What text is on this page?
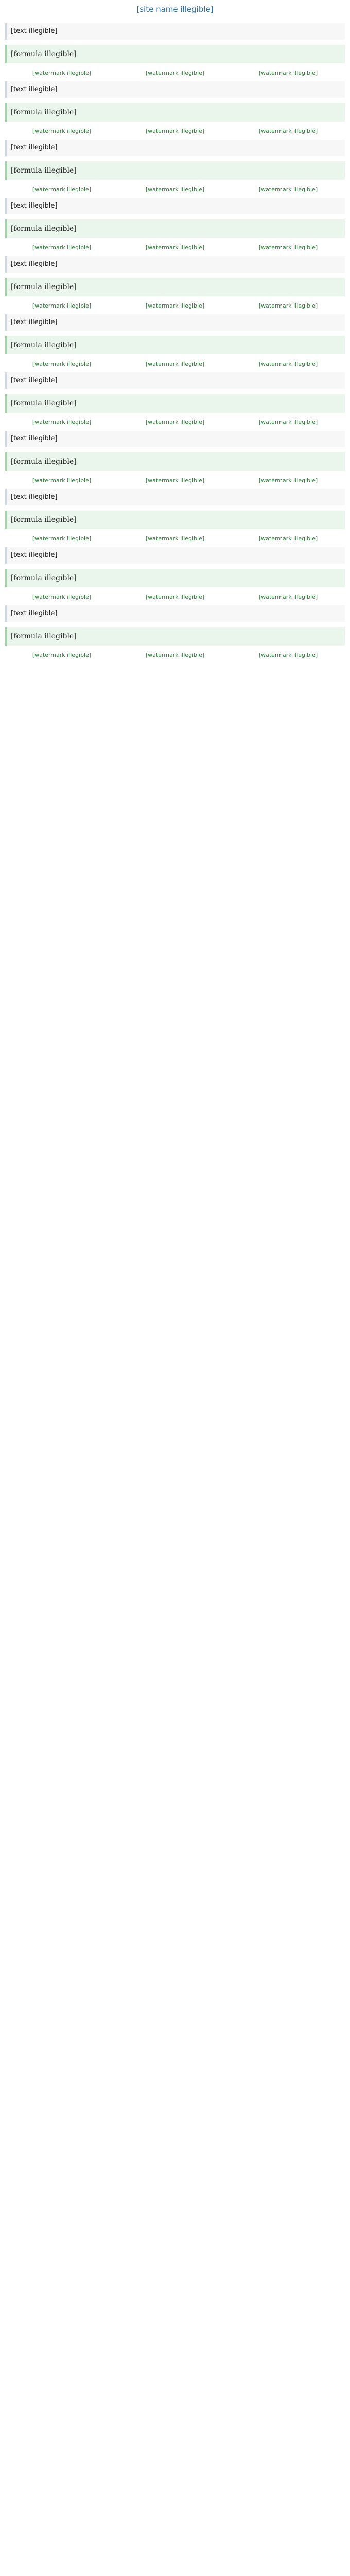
[site name illegible]

[text illegible]

[formula illegible]
[watermark illegible]	[watermark illegible]	[watermark illegible]

[text illegible]

[formula illegible]
[watermark illegible]	[watermark illegible]	[watermark illegible]

[text illegible]

[formula illegible]
[watermark illegible]	[watermark illegible]	[watermark illegible]

[text illegible]

[formula illegible]
[watermark illegible]	[watermark illegible]	[watermark illegible]

[text illegible]

[formula illegible]
[watermark illegible]	[watermark illegible]	[watermark illegible]

[text illegible]

[formula illegible]
[watermark illegible]	[watermark illegible]	[watermark illegible]

[text illegible]

[formula illegible]
[watermark illegible]	[watermark illegible]	[watermark illegible]

[text illegible]

[formula illegible]
[watermark illegible]	[watermark illegible]	[watermark illegible]

[text illegible]

[formula illegible]
[watermark illegible]	[watermark illegible]	[watermark illegible]

[text illegible]

[formula illegible]
[watermark illegible]	[watermark illegible]	[watermark illegible]

[text illegible]

[formula illegible]
[watermark illegible]	[watermark illegible]	[watermark illegible]
